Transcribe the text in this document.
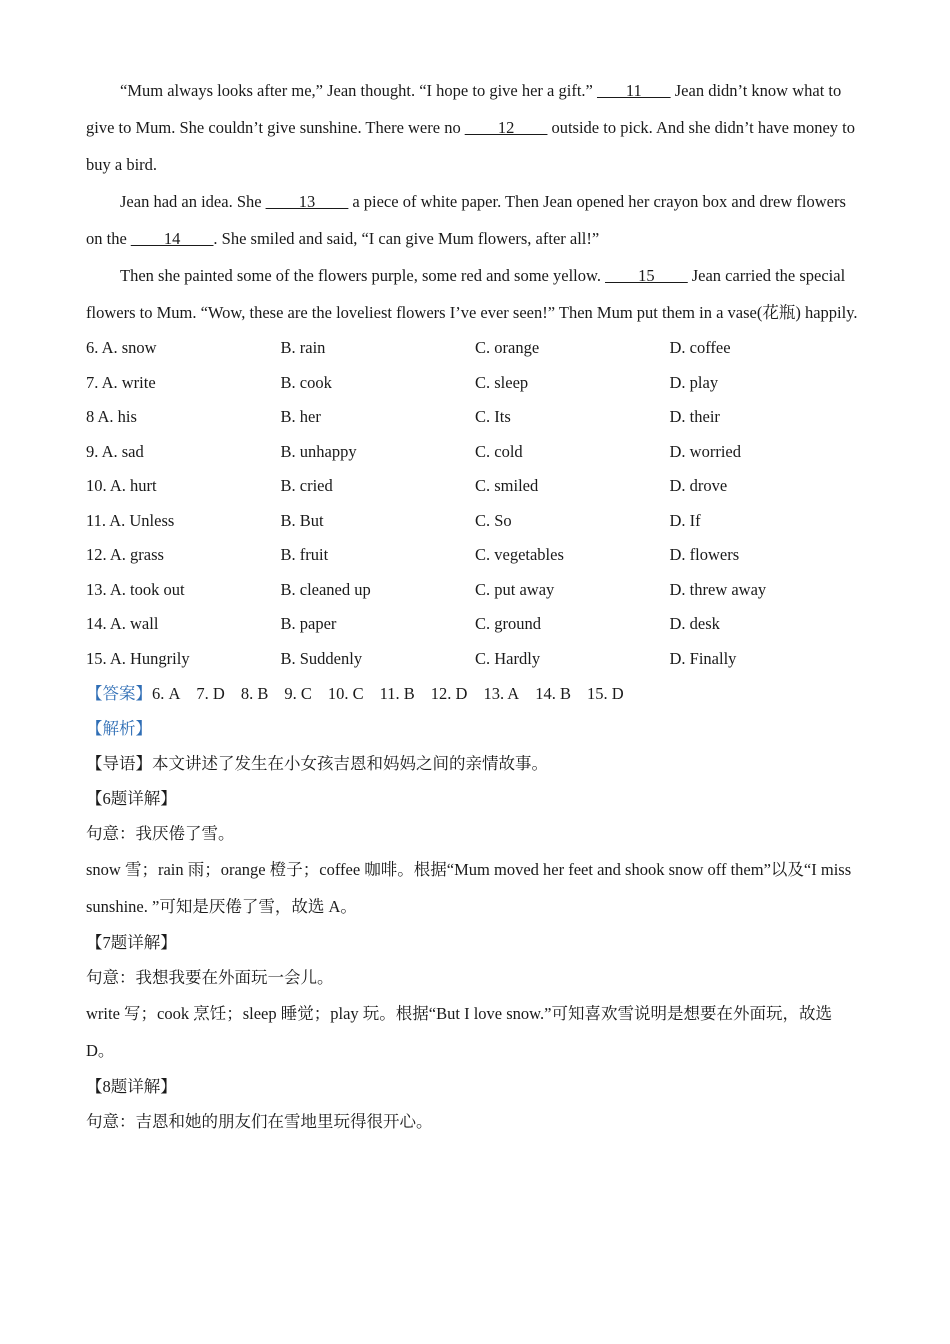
“Mum always looks after me,” Jean thought. “I hope to give her a gift.”        11        Jean didn’t know what to give to Mum. She couldn’t give sunshine. There were no ____12____ outside to pick. And she didn’t have money to buy a bird.

Jean had an idea. She ____13____ a piece of white paper. Then Jean opened her crayon box and drew flowers on the ____14____. She smiled and said, “I can give Mum flowers, after all!”

Then she painted some of the flowers purple, some red and some yellow. ____15____ Jean carried the special flowers to Mum. “Wow, these are the loveliest flowers I’ve ever seen!” Then Mum put them in a vase(花瓶) happily.

6. A. snow	B. rain	C. orange	D. coffee
7. A. write	B. cook	C. sleep	D. play
8 A. his	B. her	C. Its	D. their
9. A. sad	B. unhappy	C. cold	D. worried
10. A. hurt	B. cried	C. smiled	D. drove
11. A. Unless	B. But	C. So	D. If
12. A. grass	B. fruit	C. vegetables	D. flowers
13. A. took out	B. cleaned up	C. put away	D. threw away
14. A. wall	B. paper	C. ground	D. desk
15. A. Hungrily	B. Suddenly	C. Hardly	D. Finally

【答案】6. A 7. D 8. B 9. C 10. C 11. B 12. D 13. A 14. B 15. D

【解析】

【导语】本文讲述了发生在小女孩吉恩和妈妈之间的亲情故事。

【6题详解】

句意：我厌倦了雪。

snow 雪；rain 雨；orange 橙子；coffee 咖啡。根据“Mum moved her feet and shook snow off them”以及“I miss sunshine. ”可知是厌倦了雪，故选 A。

【7题详解】

句意：我想我要在外面玩一会儿。

write 写；cook 烹饪；sleep 睡觉；play 玩。根据“But I love snow.”可知喜欢雪说明是想要在外面玩，故选 D。

【8题详解】

句意：吉恩和她的朋友们在雪地里玩得很开心。
